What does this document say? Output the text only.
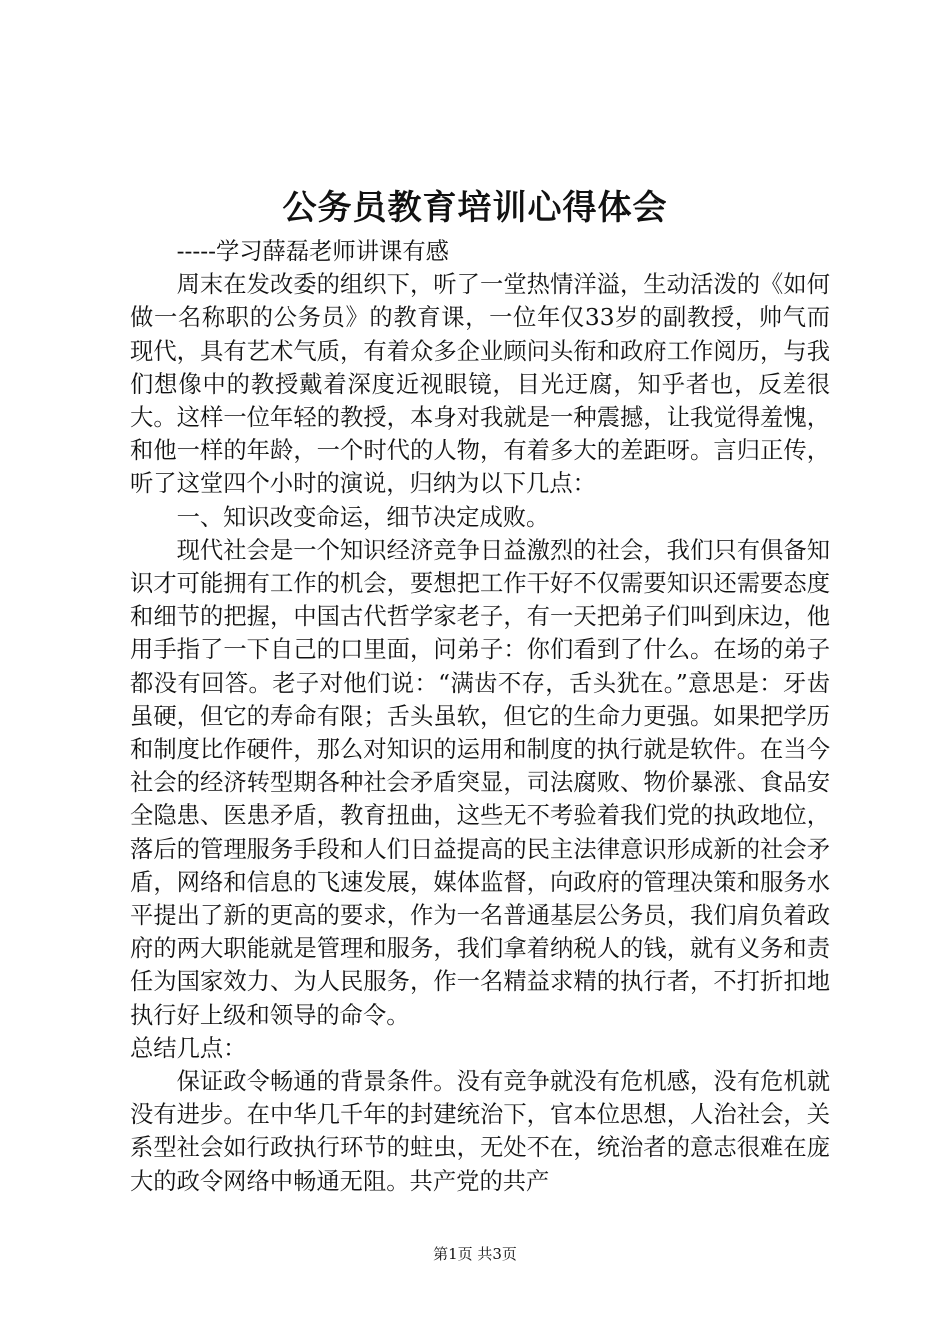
公务员教育培训心得体会

-----学习薛磊老师讲课有感

周末在发改委的组织下，听了一堂热情洋溢，生动活泼的《如何做一名称职的公务员》的教育课，一位年仅33岁的副教授，帅气而现代，具有艺术气质，有着众多企业顾问头衔和政府工作阅历，与我们想像中的教授戴着深度近视眼镜，目光迂腐，知乎者也，反差很大。这样一位年轻的教授，本身对我就是一种震撼，让我觉得羞愧，和他一样的年龄，一个时代的人物，有着多大的差距呀。言归正传，听了这堂四个小时的演说，归纳为以下几点：

一、知识改变命运，细节决定成败。

现代社会是一个知识经济竞争日益激烈的社会，我们只有俱备知识才可能拥有工作的机会，要想把工作干好不仅需要知识还需要态度和细节的把握，中国古代哲学家老子，有一天把弟子们叫到床边，他用手指了一下自己的口里面，问弟子：你们看到了什么。在场的弟子都没有回答。老子对他们说：“满齿不存，舌头犹在。”意思是：牙齿虽硬，但它的寿命有限；舌头虽软，但它的生命力更强。如果把学历和制度比作硬件，那么对知识的运用和制度的执行就是软件。在当今社会的经济转型期各种社会矛盾突显，司法腐败、物价暴涨、食品安全隐患、医患矛盾，教育扭曲，这些无不考验着我们党的执政地位，落后的管理服务手段和人们日益提高的民主法律意识形成新的社会矛盾，网络和信息的飞速发展，媒体监督，向政府的管理决策和服务水平提出了新的更高的要求，作为一名普通基层公务员，我们肩负着政府的两大职能就是管理和服务，我们拿着纳税人的钱，就有义务和责任为国家效力、为人民服务，作一名精益求精的执行者，不打折扣地执行好上级和领导的命令。

总结几点：

保证政令畅通的背景条件。没有竞争就没有危机感，没有危机就没有进步。在中华几千年的封建统治下，官本位思想，人治社会，关系型社会如行政执行环节的蛀虫，无处不在，统治者的意志很难在庞大的政令网络中畅通无阻。共产党的共产

第1页 共3页
